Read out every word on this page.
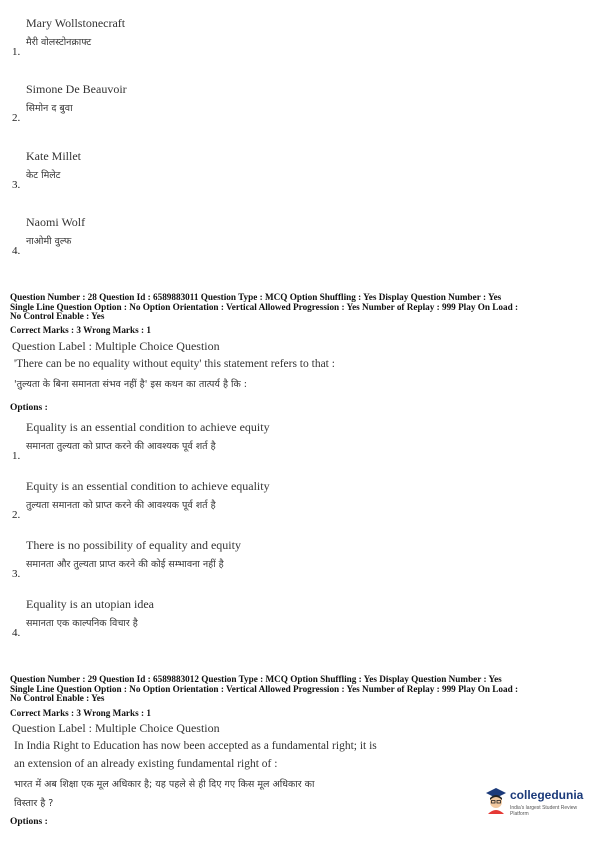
Mary Wollstonecraft
मैरी वोलस्टोनक्राफ्ट
1.
Simone De Beauvoir
सिमोन द बुवा
2.
Kate Millet
केट मिलेट
3.
Naomi Wolf
नाओमी वुल्फ
4.
Question Number : 28 Question Id : 6589883011 Question Type : MCQ Option Shuffling : Yes Display Question Number : Yes
Single Line Question Option : No Option Orientation : Vertical Allowed Progression : Yes Number of Replay : 999 Play On Load :
No Control Enable : Yes
Correct Marks : 3 Wrong Marks : 1
Question Label : Multiple Choice Question
'There can be no equality without equity' this statement refers to that :
'तुल्यता के बिना समानता संभव नहीं है' इस कथन का तात्पर्य है कि :
Options :
Equality is an essential condition to achieve equity
समानता तुल्यता को प्राप्त करने की आवश्यक पूर्व शर्त है
1.
Equity is an essential condition to achieve equality
तुल्यता समानता को प्राप्त करने की आवश्यक पूर्व शर्त है
2.
There is no possibility of equality and equity
समानता और तुल्यता प्राप्त करने की कोई सम्भावना नहीं है
3.
Equality is an utopian idea
समानता एक काल्पनिक विचार है
4.
Question Number : 29 Question Id : 6589883012 Question Type : MCQ Option Shuffling : Yes Display Question Number : Yes
Single Line Question Option : No Option Orientation : Vertical Allowed Progression : Yes Number of Replay : 999 Play On Load :
No Control Enable : Yes
Correct Marks : 3 Wrong Marks : 1
Question Label : Multiple Choice Question
In India Right to Education has now been accepted as a fundamental right; it is
an extension of an already existing fundamental right of :
भारत में अब शिक्षा एक मूल अधिकार है; यह पहले से ही दिए गए किस मूल अधिकार का
विस्तार है ?
Options :
collegedunia
India's largest Student Review Platform
